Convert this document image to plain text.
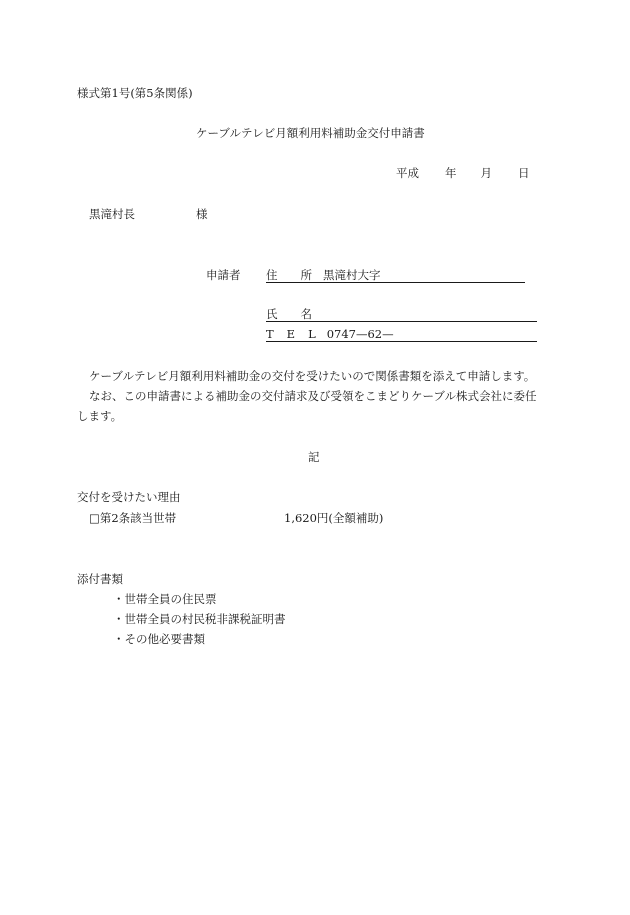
様式第1号(第5条関係)
ケーブルテレビ月額利用料補助金交付申請書
平成 年 月 日
黒滝村長	様
申請者 住 所 黒滝村大字
氏 名
T E L 0747—62—
ケーブルテレビ月額利用料補助金の交付を受けたいので関係書類を添えて申請します。
なお、この申請書による補助金の交付請求及び受領をこまどりケーブル株式会社に委任
します。
記
交付を受けたい理由
□第2条該当世帯	1,620円(全額補助)
添付書類
・世帯全員の住民票
・世帯全員の村民税非課税証明書
・その他必要書類
